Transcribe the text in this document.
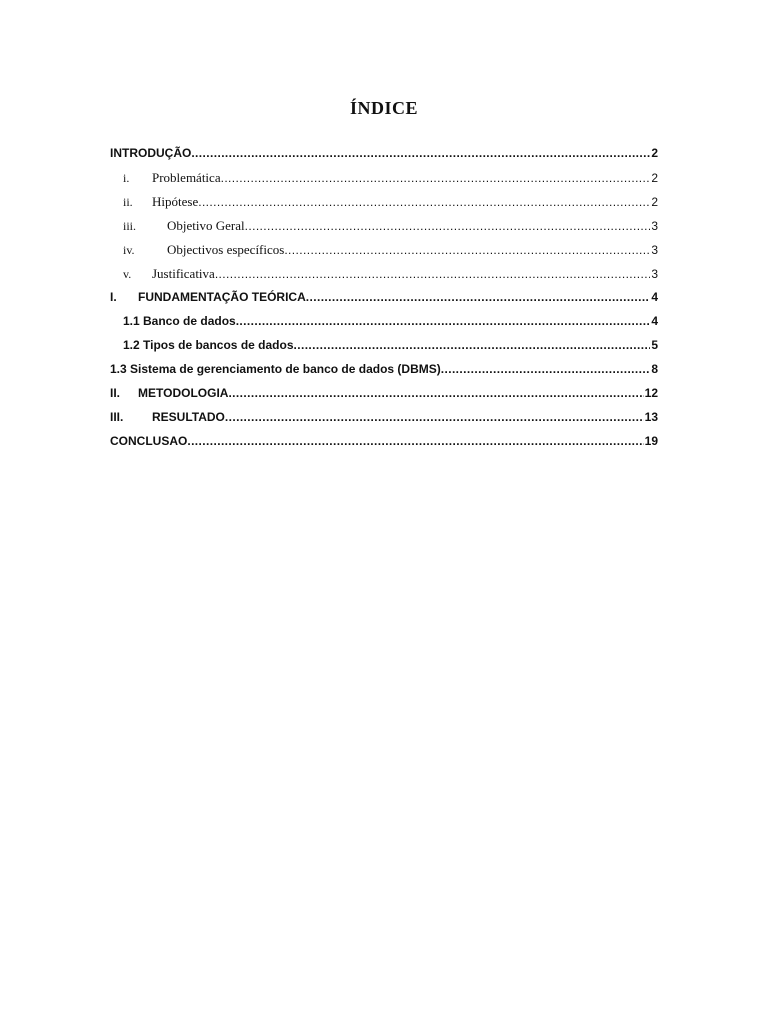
ÍNDICE
INTRODUÇÃO .....	2
i.	Problemática .....	2
ii.	Hipótese .....	2
iii.	Objetivo Geral .....	3
iv.	Objectivos específicos .....	3
v. Justificativa .....	3
I.	FUNDAMENTAÇÃO TEÓRICA .....	4
1.1 Banco de dados .....	4
1.2 Tipos de bancos de dados .....	5
1.3 Sistema de gerenciamento de banco de dados (DBMS) .....	8
II.	METODOLOGIA .....	12
III.	RESULTADO .....	13
CONCLUSAO .....	19
